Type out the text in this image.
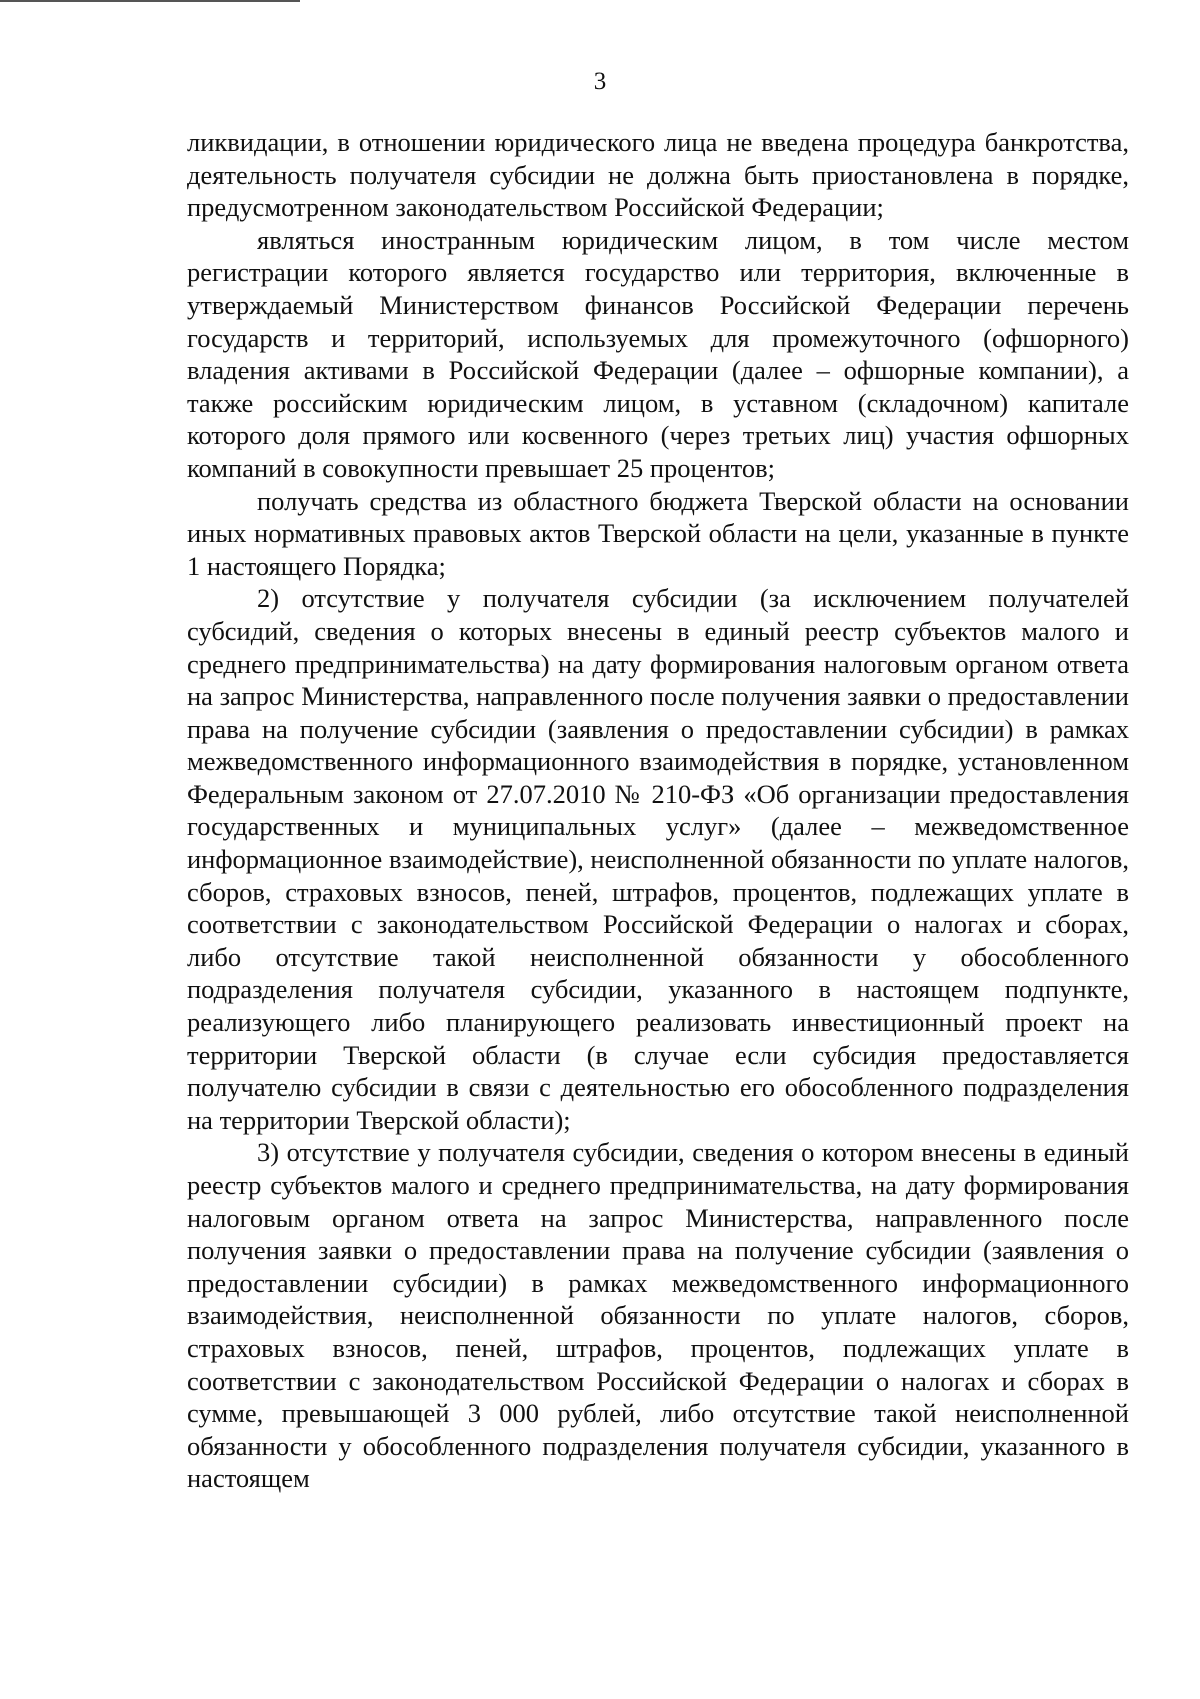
3

ликвидации, в отношении юридического лица не введена процедура банкротства, деятельность получателя субсидии не должна быть приостановлена в порядке, предусмотренном законодательством Российской Федерации;

являться иностранным юридическим лицом, в том числе местом регистрации которого является государство или территория, включенные в утверждаемый Министерством финансов Российской Федерации перечень государств и территорий, используемых для промежуточного (офшорного) владения активами в Российской Федерации (далее – офшорные компании), а также российским юридическим лицом, в уставном (складочном) капитале которого доля прямого или косвенного (через третьих лиц) участия офшорных компаний в совокупности превышает 25 процентов;

получать средства из областного бюджета Тверской области на основании иных нормативных правовых актов Тверской области на цели, указанные в пункте 1 настоящего Порядка;

2) отсутствие у получателя субсидии (за исключением получателей субсидий, сведения о которых внесены в единый реестр субъектов малого и среднего предпринимательства) на дату формирования налоговым органом ответа на запрос Министерства, направленного после получения заявки о предоставлении права на получение субсидии (заявления о предоставлении субсидии) в рамках межведомственного информационного взаимодействия в порядке, установленном Федеральным законом от 27.07.2010 № 210-ФЗ «Об организации предоставления государственных и муниципальных услуг» (далее – межведомственное информационное взаимодействие), неисполненной обязанности по уплате налогов, сборов, страховых взносов, пеней, штрафов, процентов, подлежащих уплате в соответствии с законодательством Российской Федерации о налогах и сборах, либо отсутствие такой неисполненной обязанности у обособленного подразделения получателя субсидии, указанного в настоящем подпункте, реализующего либо планирующего реализовать инвестиционный проект на территории Тверской области (в случае если субсидия предоставляется получателю субсидии в связи с деятельностью его обособленного подразделения на территории Тверской области);

3) отсутствие у получателя субсидии, сведения о котором внесены в единый реестр субъектов малого и среднего предпринимательства, на дату формирования налоговым органом ответа на запрос Министерства, направленного после получения заявки о предоставлении права на получение субсидии (заявления о предоставлении субсидии) в рамках межведомственного информационного взаимодействия, неисполненной обязанности по уплате налогов, сборов, страховых взносов, пеней, штрафов, процентов, подлежащих уплате в соответствии с законодательством Российской Федерации о налогах и сборах в сумме, превышающей 3 000 рублей, либо отсутствие такой неисполненной обязанности у обособленного подразделения получателя субсидии, указанного в настоящем
